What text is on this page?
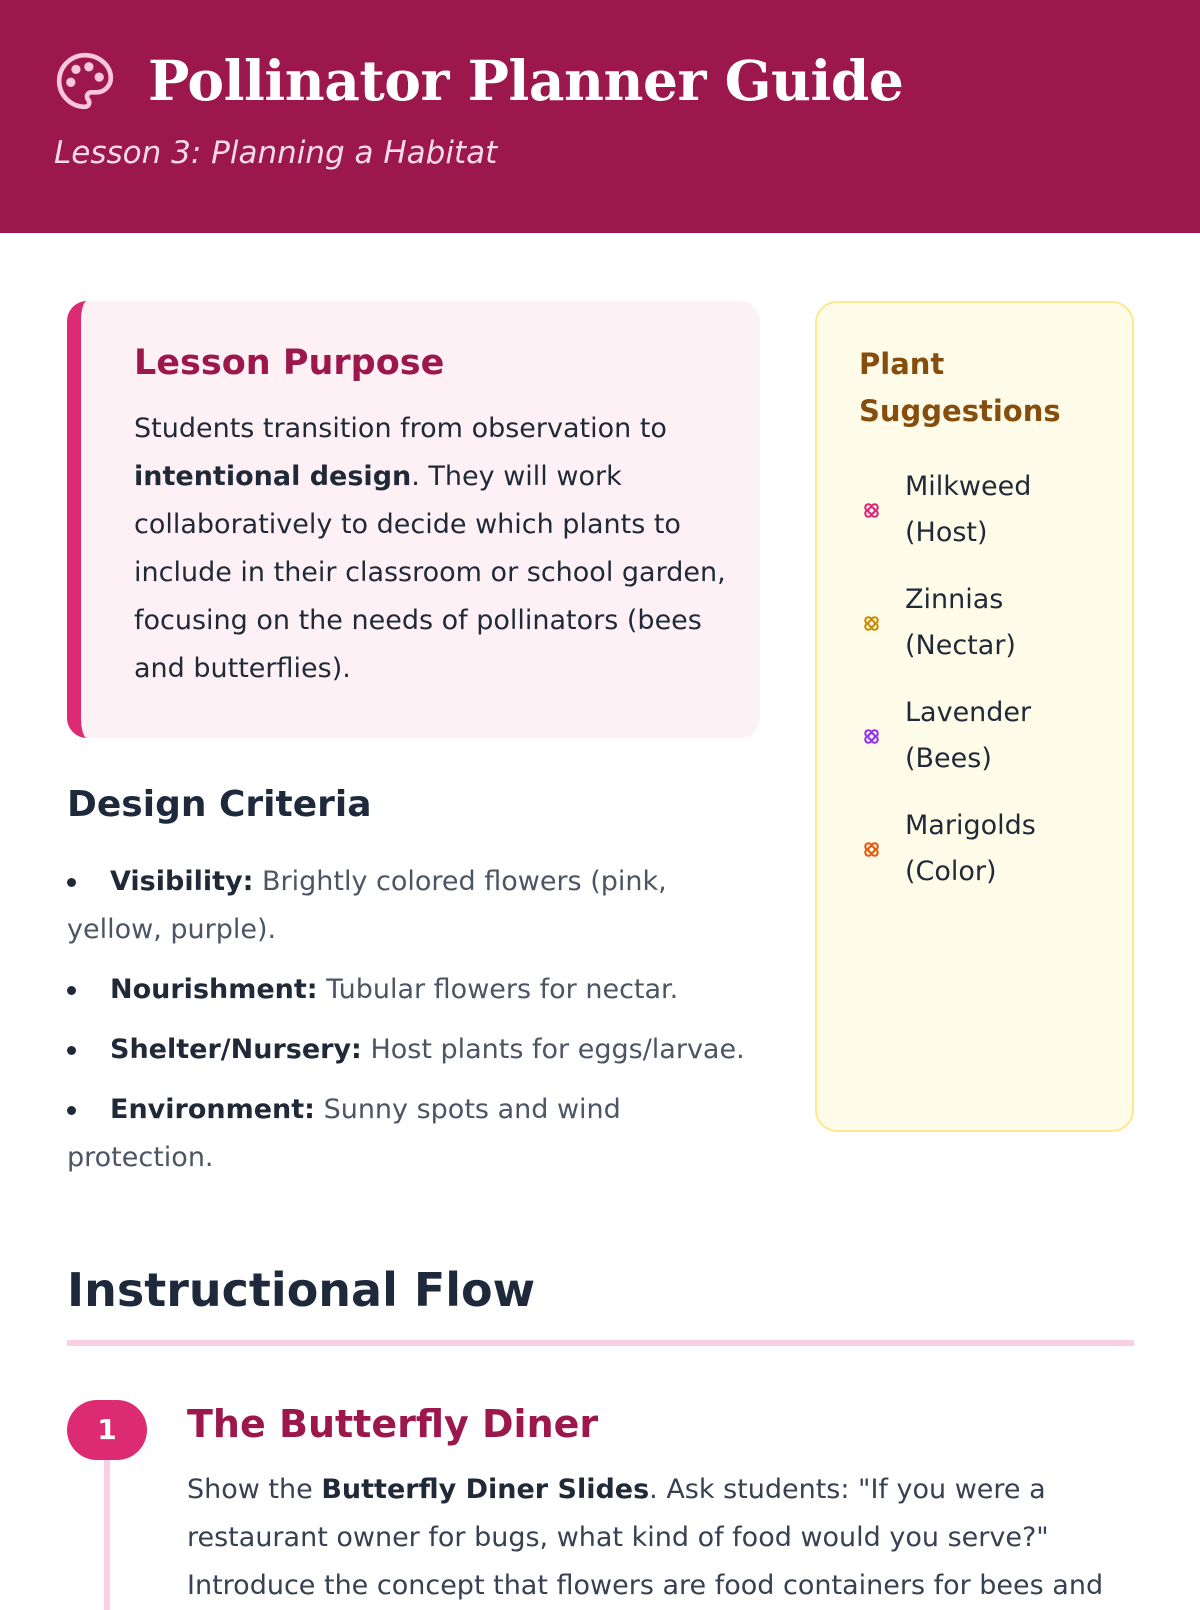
Pollinator Planner Guide
Lesson 3: Planning a Habitat
Lesson Purpose
Students transition from observation to intentional design. They will work collaboratively to decide which plants to include in their classroom or school garden, focusing on the needs of pollinators (bees and butterflies).
Design Criteria
Visibility: Brightly colored flowers (pink, yellow, purple).
Nourishment: Tubular flowers for nectar.
Shelter/Nursery: Host plants for eggs/larvae.
Environment: Sunny spots and wind protection.
Plant Suggestions
Milkweed
(Host)
Zinnias
(Nectar)
Lavender
(Bees)
Marigolds
(Color)
Instructional Flow
1	The Butterfly Diner
Show the Butterfly Diner Slides. Ask students: "If you were a restaurant owner for bugs, what kind of food would you serve?" Introduce the concept that flowers are food containers for bees and
